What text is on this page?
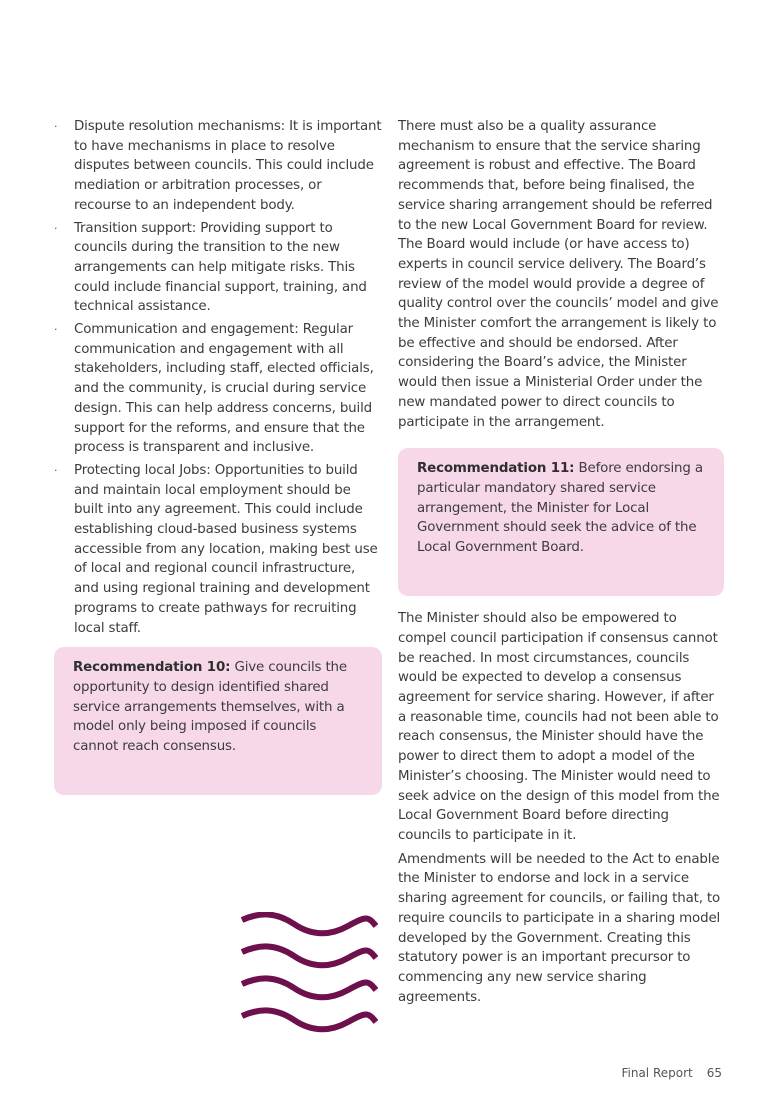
· Dispute resolution mechanisms: It is important to have mechanisms in place to resolve disputes between councils. This could include mediation or arbitration processes, or recourse to an independent body.
· Transition support: Providing support to councils during the transition to the new arrangements can help mitigate risks. This could include financial support, training, and technical assistance.
· Communication and engagement: Regular communication and engagement with all stakeholders, including staff, elected officials, and the community, is crucial during service design. This can help address concerns, build support for the reforms, and ensure that the process is transparent and inclusive.
· Protecting local Jobs: Opportunities to build and maintain local employment should be built into any agreement. This could include establishing cloud-based business systems accessible from any location, making best use of local and regional council infrastructure, and using regional training and development programs to create pathways for recruiting local staff.
Recommendation 10: Give councils the opportunity to design identified shared service arrangements themselves, with a model only being imposed if councils cannot reach consensus.

There must also be a quality assurance mechanism to ensure that the service sharing agreement is robust and effective. The Board recommends that, before being finalised, the service sharing arrangement should be referred to the new Local Government Board for review. The Board would include (or have access to) experts in council service delivery. The Board’s review of the model would provide a degree of quality control over the councils’ model and give the Minister comfort the arrangement is likely to be effective and should be endorsed. After considering the Board’s advice, the Minister would then issue a Ministerial Order under the new mandated power to direct councils to participate in the arrangement.

Recommendation 11: Before endorsing a particular mandatory shared service arrangement, the Minister for Local Government should seek the advice of the Local Government Board.

The Minister should also be empowered to compel council participation if consensus cannot be reached. In most circumstances, councils would be expected to develop a consensus agreement for service sharing. However, if after a reasonable time, councils had not been able to reach consensus, the Minister should have the power to direct them to adopt a model of the Minister’s choosing. The Minister would need to seek advice on the design of this model from the Local Government Board before directing councils to participate in it.

Amendments will be needed to the Act to enable the Minister to endorse and lock in a service sharing agreement for councils, or failing that, to require councils to participate in a sharing model developed by the Government. Creating this statutory power is an important precursor to commencing any new service sharing agreements.

Final Report 65
